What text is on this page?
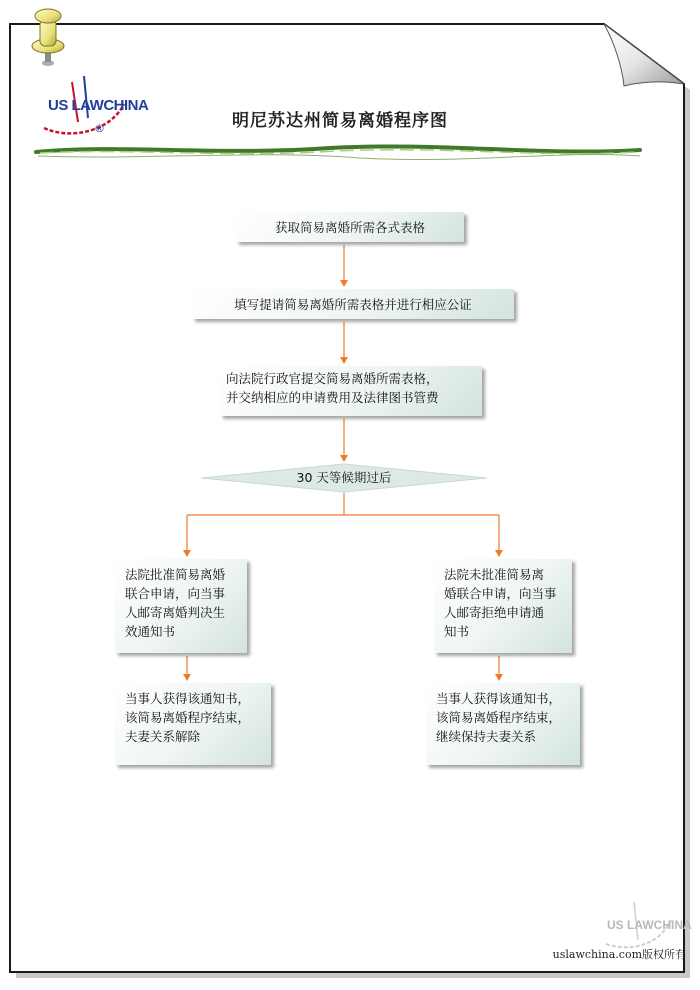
US LAWCHINA
®	明尼苏达州简易离婚程序图
获取简易离婚所需各式表格
填写提请简易离婚所需表格并进行相应公证
向法院行政官提交简易离婚所需表格，
并交纳相应的申请费用及法律图书管费
30 天等候期过后
法院批准简易离婚
联合申请，向当事
人邮寄离婚判决生
效通知书
法院未批准简易离
婚联合申请，向当事
人邮寄拒绝申请通
知书
当事人获得该通知书，
该简易离婚程序结束，
夫妻关系解除
当事人获得该通知书，
该简易离婚程序结束，
继续保持夫妻关系
US LAWCHINA
uslawchina.com版权所有
